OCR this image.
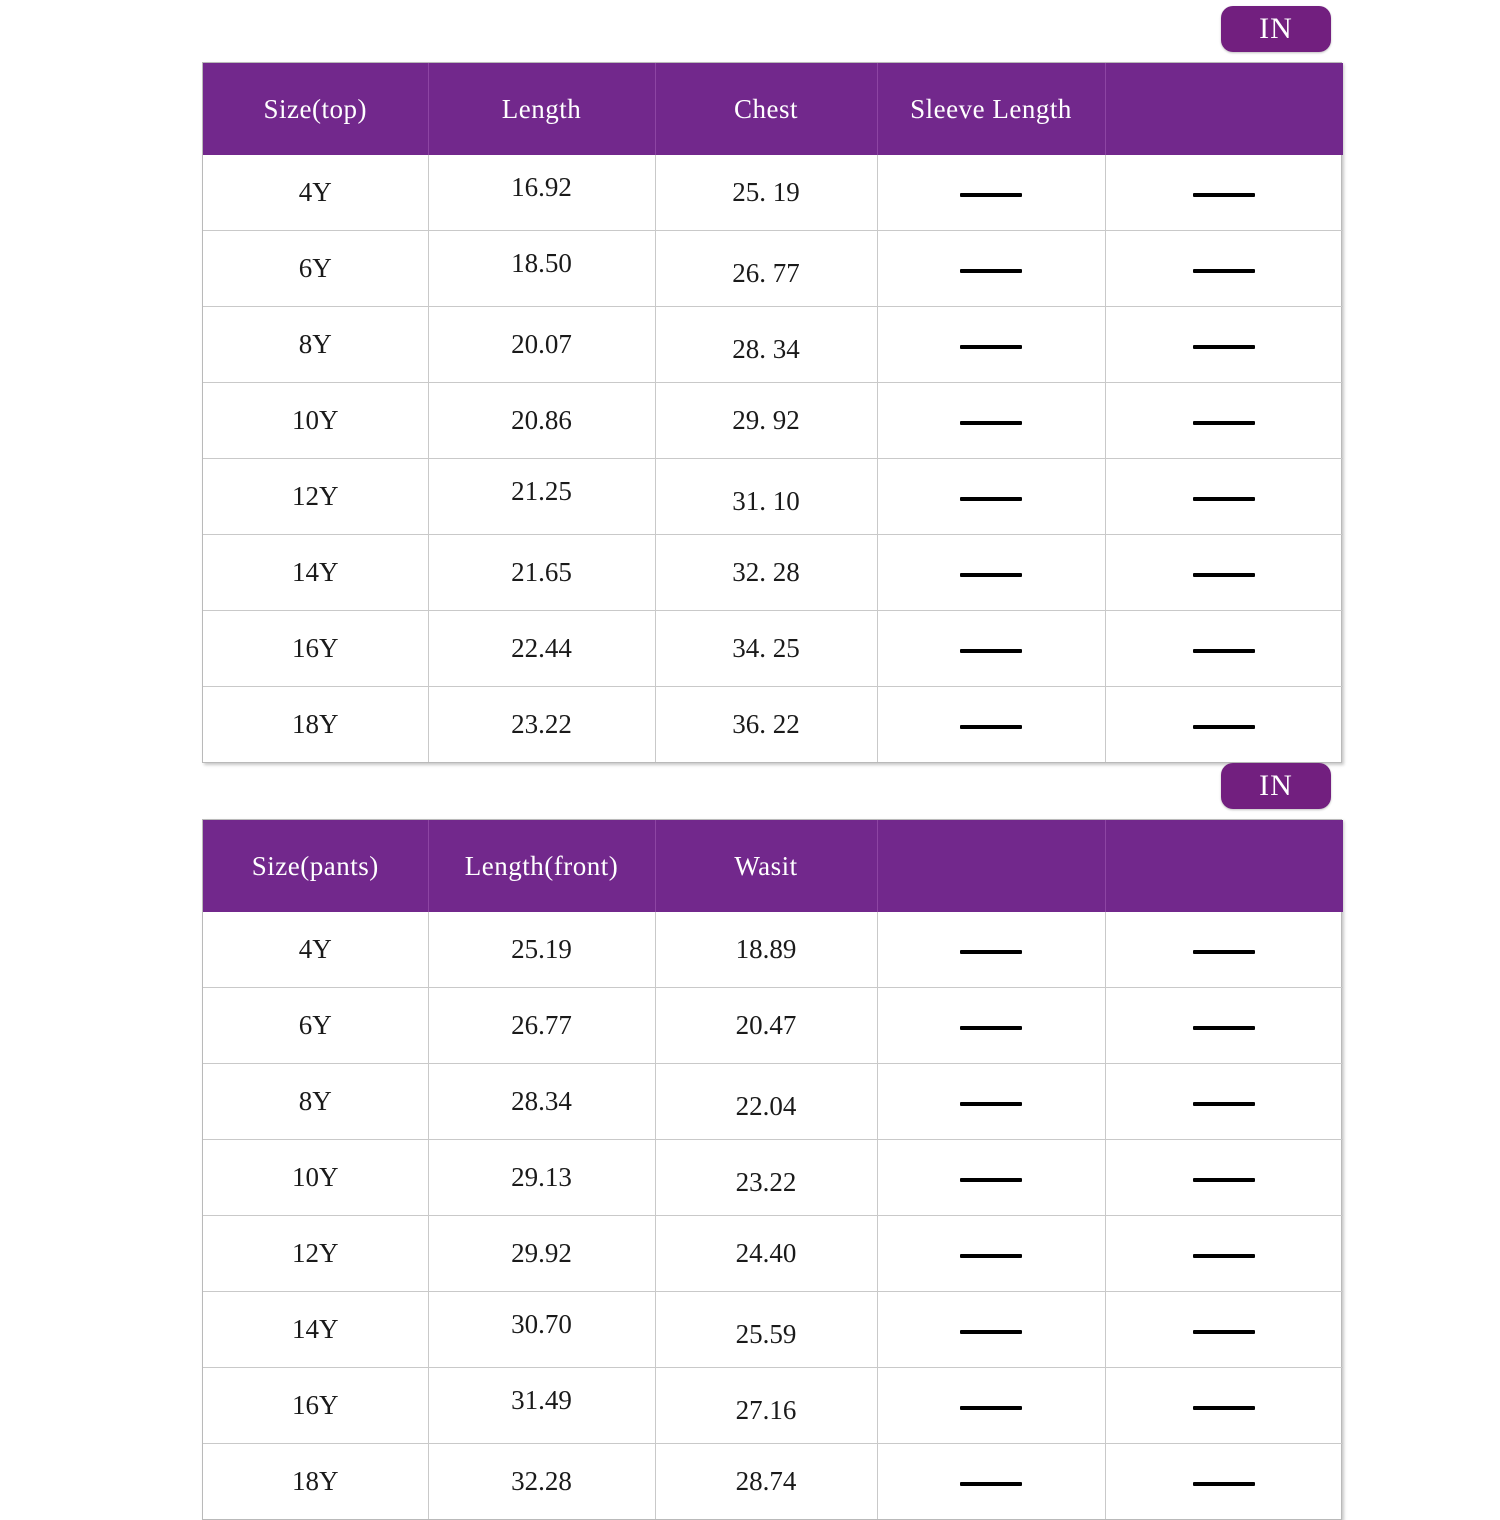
IN
Size(top)	Length	Chest	Sleeve Length	
4Y	16.92	25. 19		
6Y	18.50	26. 77		
8Y	20.07	28. 34		
10Y	20.86	29. 92		
12Y	21.25	31. 10		
14Y	21.65	32. 28		
16Y	22.44	34. 25		
18Y	23.22	36. 22		
IN
Size(pants)	Length(front)	Wasit		
4Y	25.19	18.89		
6Y	26.77	20.47		
8Y	28.34	22.04		
10Y	29.13	23.22		
12Y	29.92	24.40		
14Y	30.70	25.59		
16Y	31.49	27.16		
18Y	32.28	28.74		
